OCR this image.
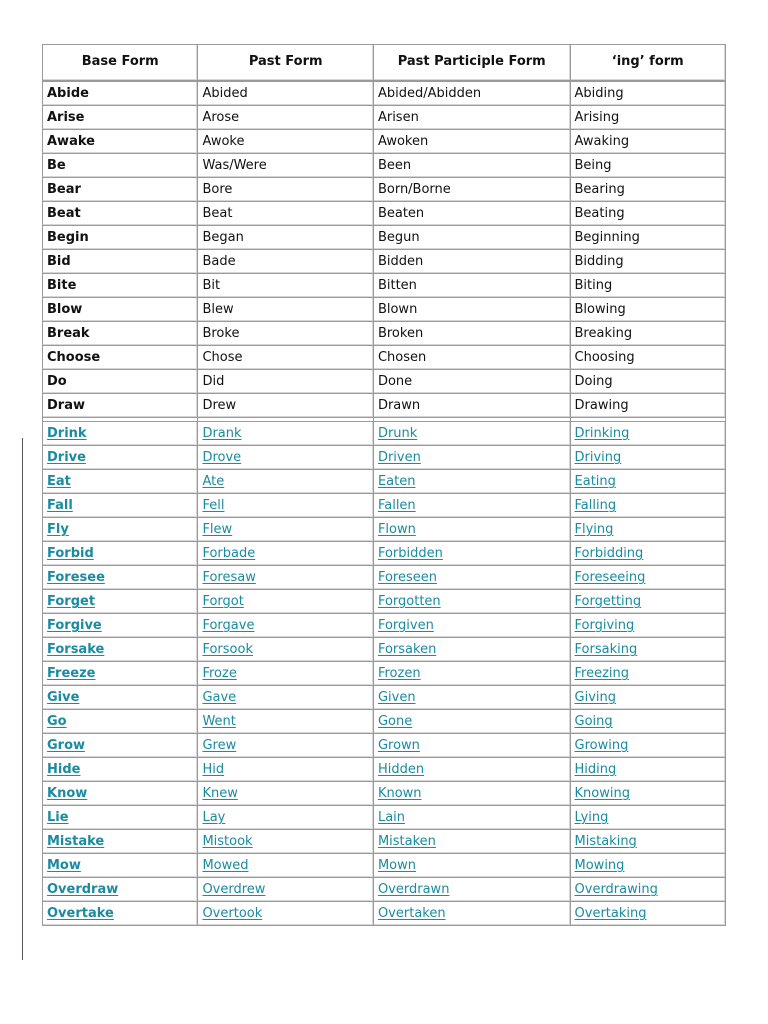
Base Form	Past Form	Past Participle Form	‘ing’ form
Abide	Abided	Abided/Abidden	Abiding
Arise	Arose	Arisen	Arising
Awake	Awoke	Awoken	Awaking
Be	Was/Were	Been	Being
Bear	Bore	Born/Borne	Bearing
Beat	Beat	Beaten	Beating
Begin	Began	Begun	Beginning
Bid	Bade	Bidden	Bidding
Bite	Bit	Bitten	Biting
Blow	Blew	Blown	Blowing
Break	Broke	Broken	Breaking
Choose	Chose	Chosen	Choosing
Do	Did	Done	Doing
Draw	Drew	Drawn	Drawing

Drink	Drank	Drunk	Drinking
Drive	Drove	Driven	Driving
Eat	Ate	Eaten	Eating
Fall	Fell	Fallen	Falling
Fly	Flew	Flown	Flying
Forbid	Forbade	Forbidden	Forbidding
Foresee	Foresaw	Foreseen	Foreseeing
Forget	Forgot	Forgotten	Forgetting
Forgive	Forgave	Forgiven	Forgiving
Forsake	Forsook	Forsaken	Forsaking
Freeze	Froze	Frozen	Freezing
Give	Gave	Given	Giving
Go	Went	Gone	Going
Grow	Grew	Grown	Growing
Hide	Hid	Hidden	Hiding
Know	Knew	Known	Knowing
Lie	Lay	Lain	Lying
Mistake	Mistook	Mistaken	Mistaking
Mow	Mowed	Mown	Mowing
Overdraw	Overdrew	Overdrawn	Overdrawing
Overtake	Overtook	Overtaken	Overtaking
